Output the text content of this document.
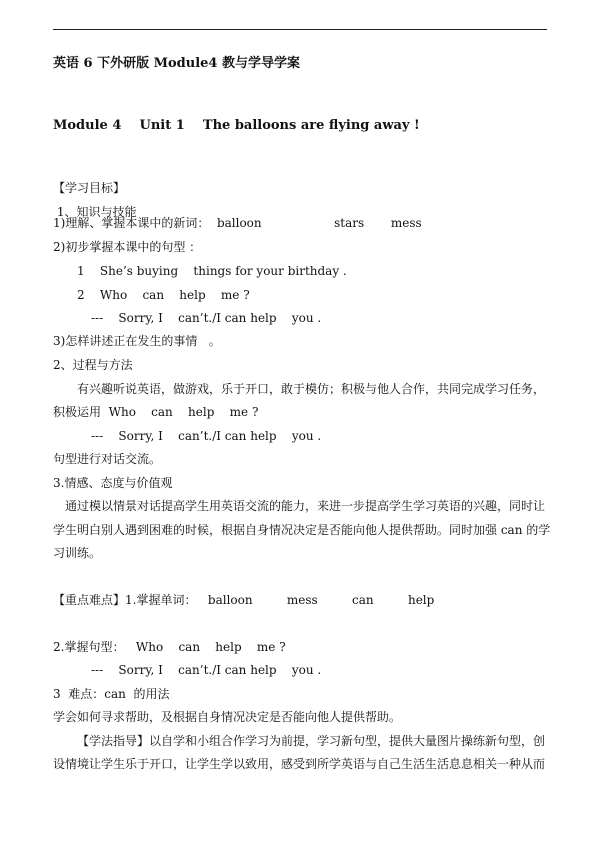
英语 6 下外研版 Module4 教与学导学案
Module 4    Unit 1    The balloons are flying away !
【学习目标】
1、知识与技能
1)理解、掌握本课中的新词：  balloon                   stars       mess
2)初步掌握本课中的句型 ：
1    She’s buying    things for your birthday .
2    Who    can    help    me ?
---    Sorry, I    can’t./I can help    you .
3)怎样讲述正在发生的事情   。
2、过程与方法
有兴趣听说英语，做游戏，乐于开口，敢于模仿；积极与他人合作，共同完成学习任务，
积极运用  Who    can    help    me ?
---    Sorry, I    can’t./I can help    you .
句型进行对话交流。
3.情感、态度与价值观
通过模以情景对话提高学生用英语交流的能力，来进一步提高学生学习英语的兴趣，同时让
学生明白别人遇到困难的时候，根据自身情况决定是否能向他人提供帮助。同时加强 can 的学
习训练。
【重点难点】1.掌握单词：   balloon         mess         can         help
2.掌握句型：   Who    can    help    me ?
---    Sorry, I    can’t./I can help    you .
3  难点：can  的用法
学会如何寻求帮助，及根据自身情况决定是否能向他人提供帮助。
【学法指导】以自学和小组合作学习为前提，学习新句型，提供大量图片操练新句型，创
设情境让学生乐于开口，让学生学以致用，感受到所学英语与自己生活生活息息相关一种从而
